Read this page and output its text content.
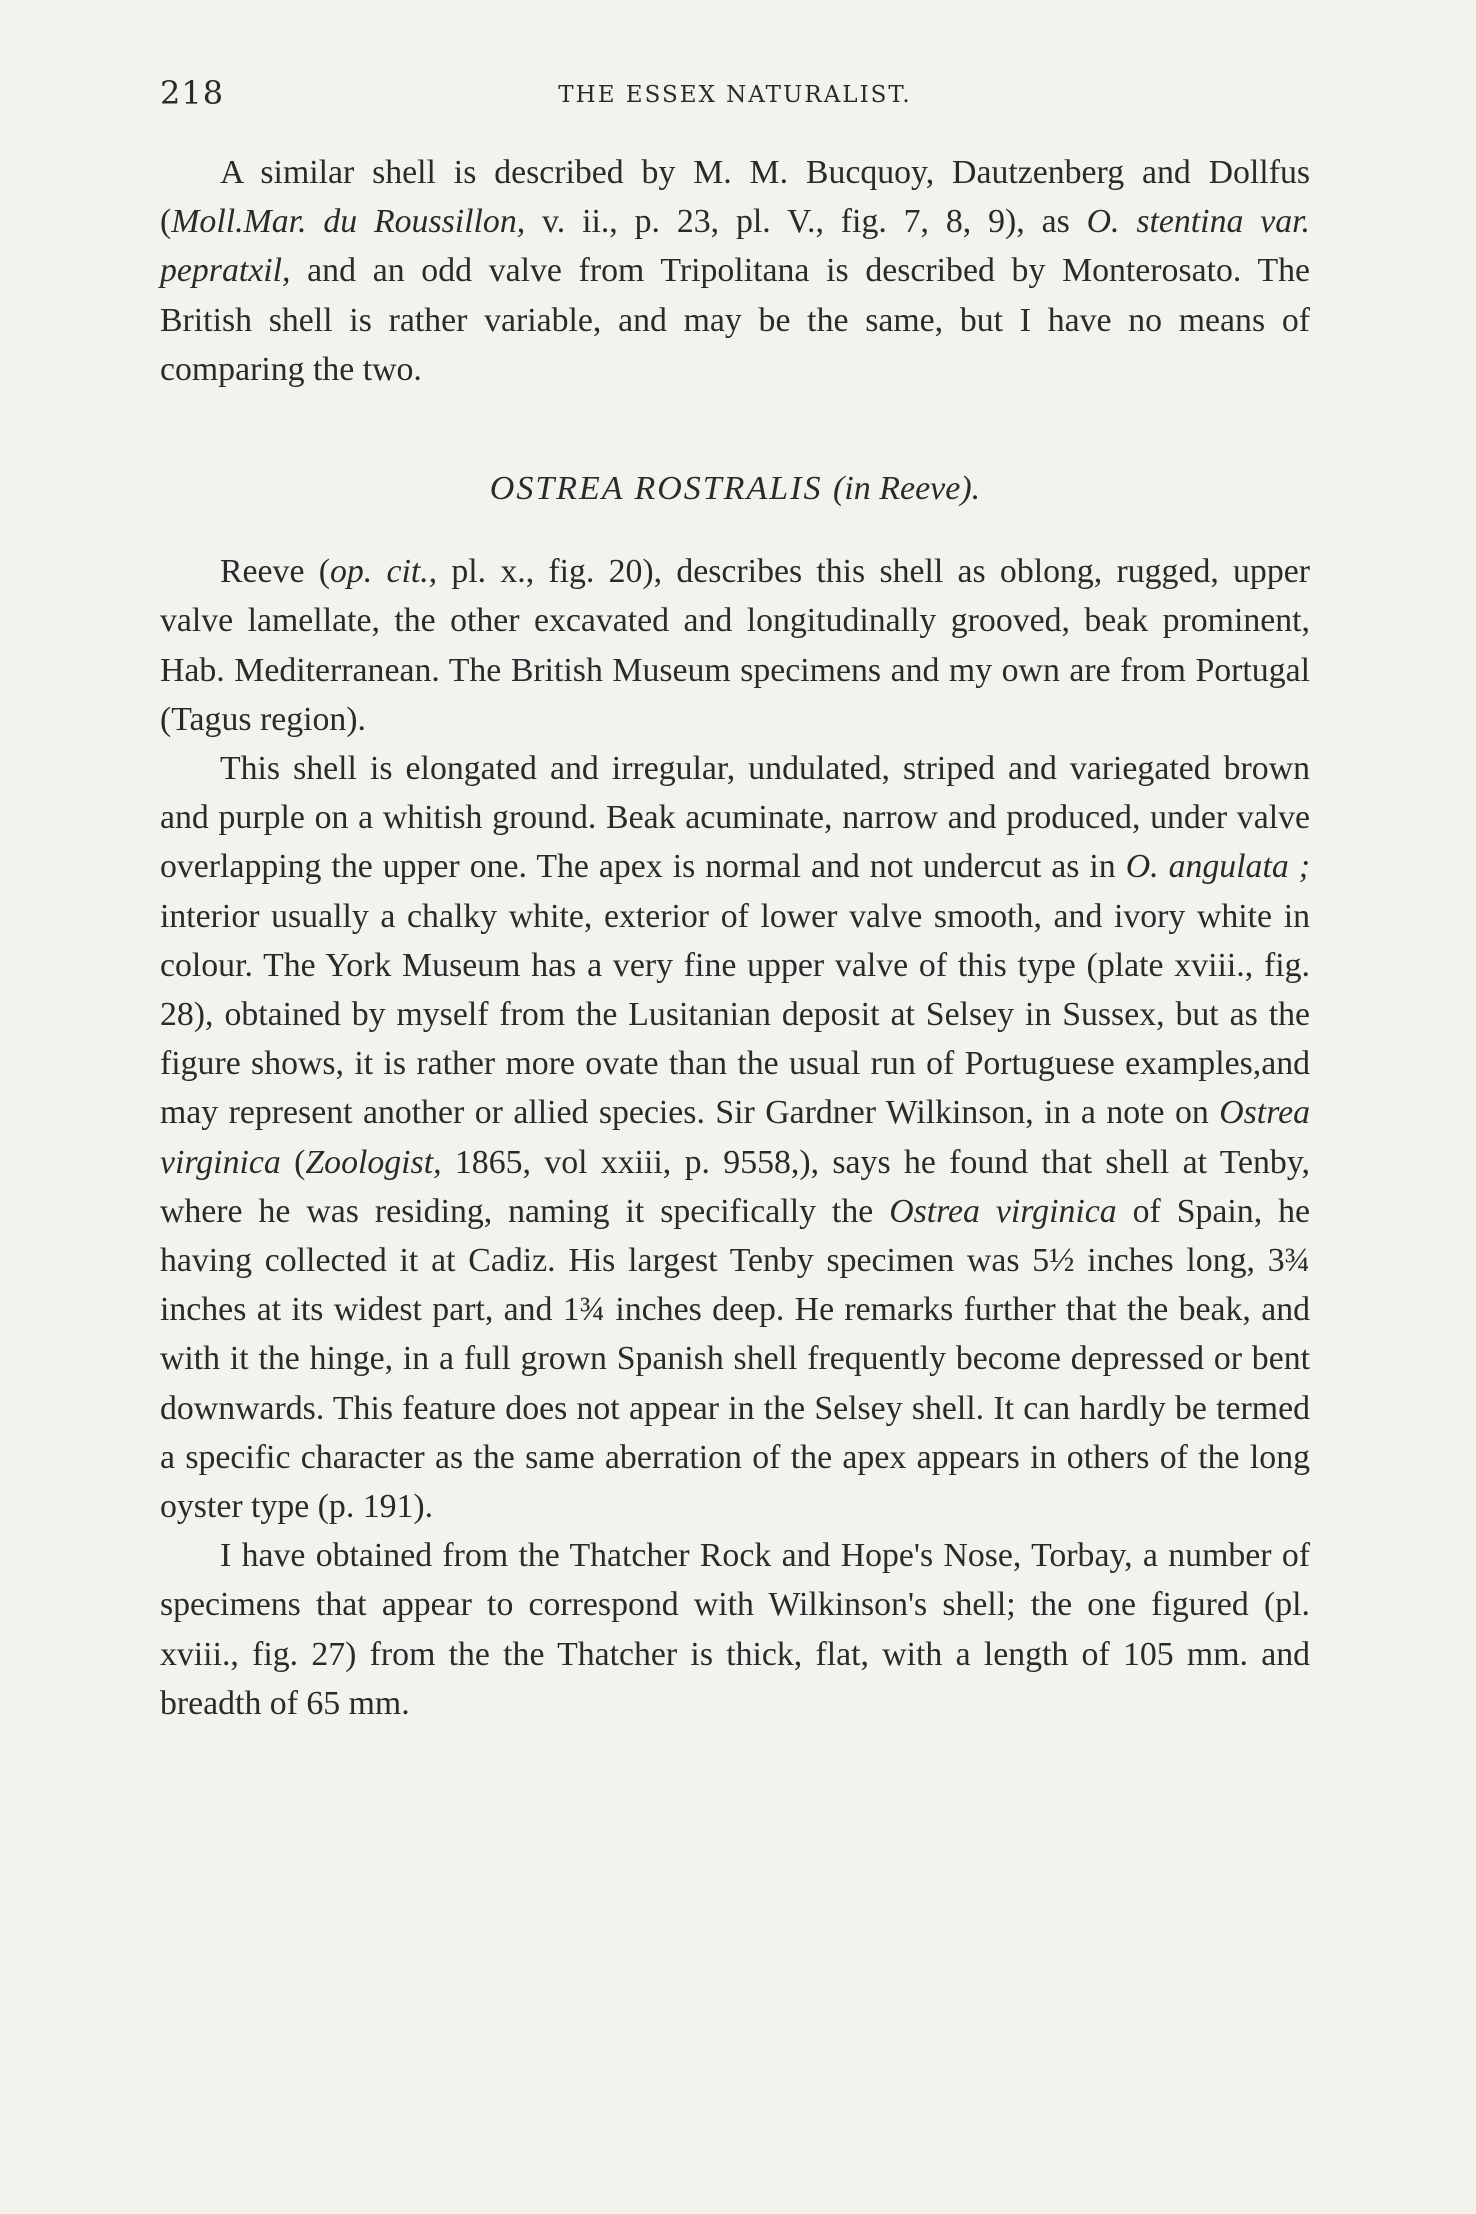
218	THE ESSEX NATURALIST.

A similar shell is described by M. M. Bucquoy, Dautzenberg and Dollfus (Moll.Mar. du Roussillon, v. ii., p. 23, pl. V., fig. 7, 8, 9), as O. stentina var. pepratxil, and an odd valve from Tripolitana is described by Monterosato. The British shell is rather variable, and may be the same, but I have no means of comparing the two.

OSTREA ROSTRALIS (in Reeve).

Reeve (op. cit., pl. x., fig. 20), describes this shell as oblong, rugged, upper valve lamellate, the other excavated and longitudinally grooved, beak prominent, Hab. Mediterranean. The British Museum specimens and my own are from Portugal (Tagus region).

This shell is elongated and irregular, undulated, striped and variegated brown and purple on a whitish ground. Beak acuminate, narrow and produced, under valve overlapping the upper one. The apex is normal and not undercut as in O. angulata ; interior usually a chalky white, exterior of lower valve smooth, and ivory white in colour. The York Museum has a very fine upper valve of this type (plate xviii., fig. 28), obtained by myself from the Lusitanian deposit at Selsey in Sussex, but as the figure shows, it is rather more ovate than the usual run of Portuguese examples,and may represent another or allied species. Sir Gardner Wilkinson, in a note on Ostrea virginica (Zoologist, 1865, vol xxiii, p. 9558,), says he found that shell at Tenby, where he was residing, naming it specifically the Ostrea virginica of Spain, he having collected it at Cadiz. His largest Tenby specimen was 5½ inches long, 3¾ inches at its widest part, and 1¾ inches deep. He remarks further that the beak, and with it the hinge, in a full grown Spanish shell frequently become depressed or bent downwards. This feature does not appear in the Selsey shell. It can hardly be termed a specific character as the same aberration of the apex appears in others of the long oyster type (p. 191).

I have obtained from the Thatcher Rock and Hope's Nose, Torbay, a number of specimens that appear to correspond with Wilkinson's shell; the one figured (pl. xviii., fig. 27) from the the Thatcher is thick, flat, with a length of 105 mm. and breadth of 65 mm.
